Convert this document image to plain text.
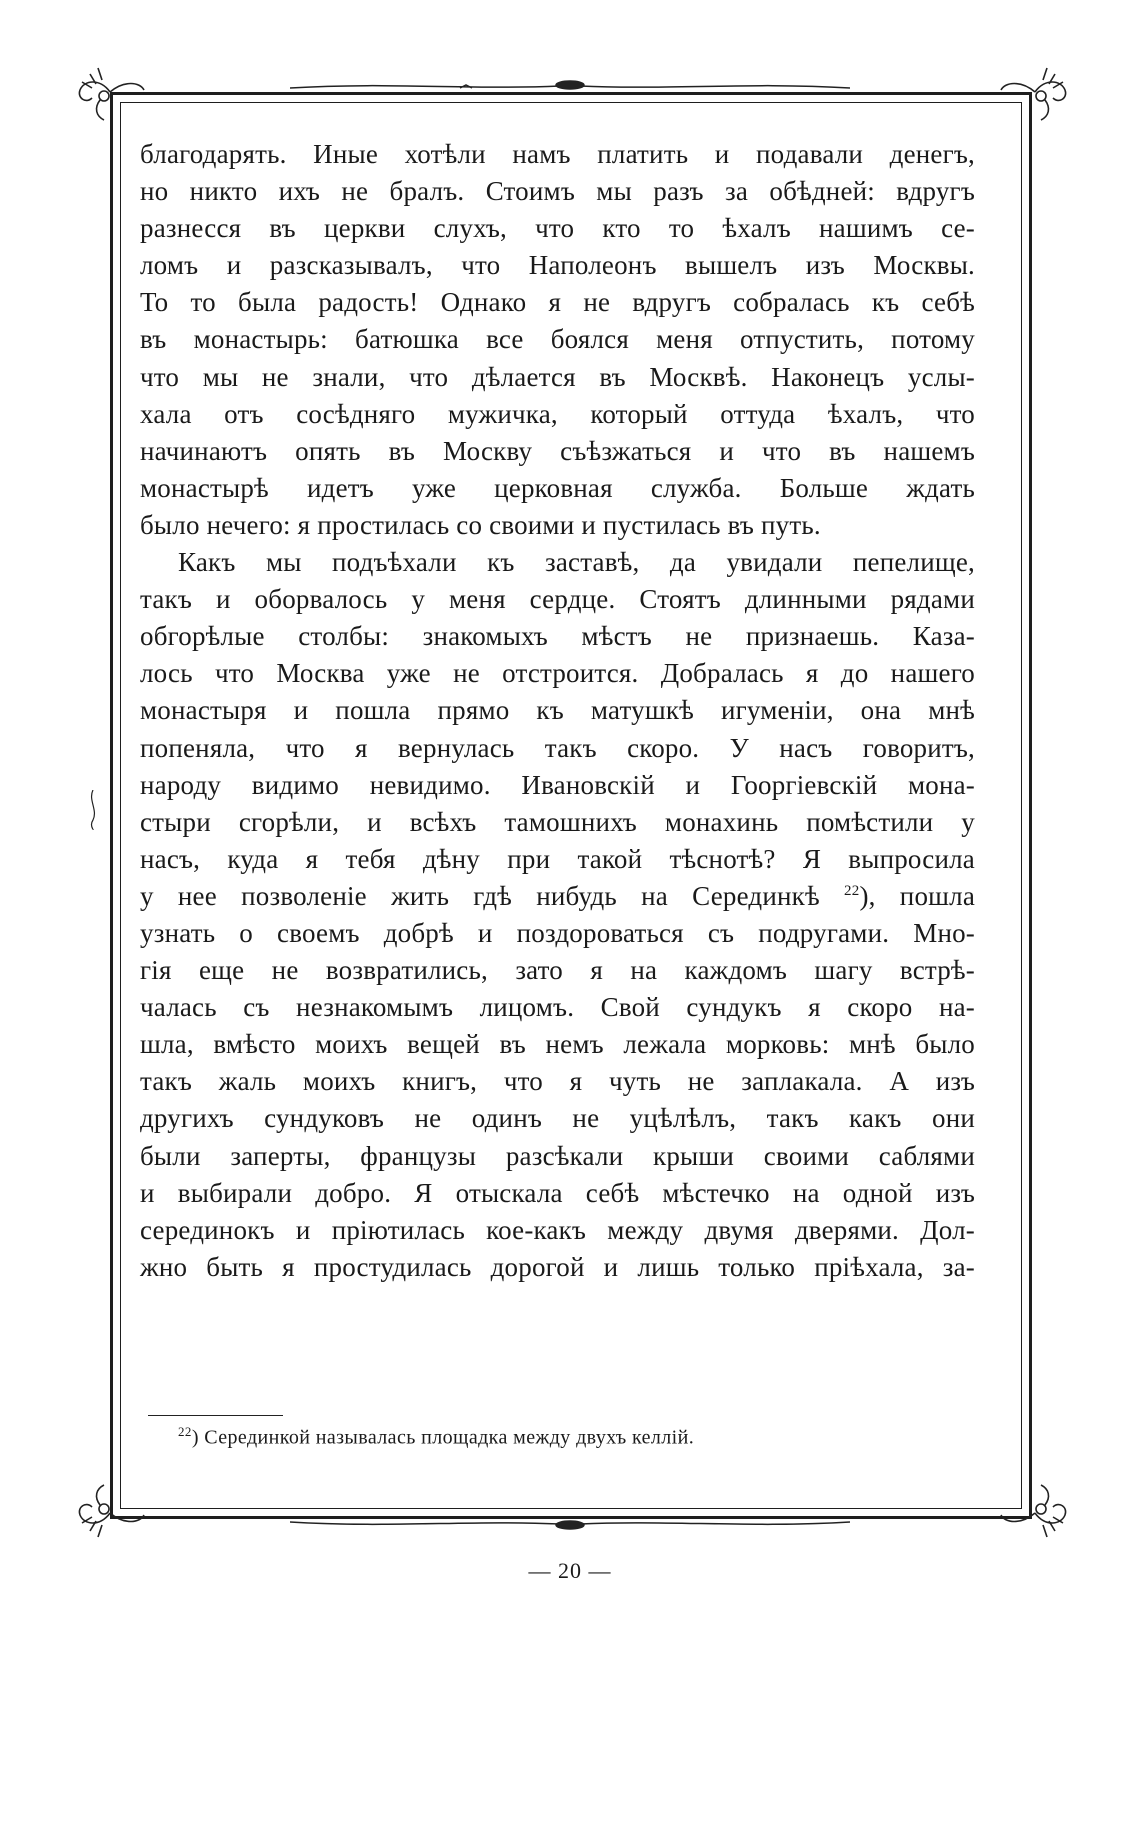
благодарять. Иные хотѣли намъ платить и подавали денегъ,
но никто ихъ не бралъ. Стоимъ мы разъ за обѣдней: вдругъ
разнесся въ церкви слухъ, что кто то ѣхалъ нашимъ се-
ломъ и разсказывалъ, что Наполеонъ вышелъ изъ Москвы.
То то была радость! Однако я не вдругъ собралась къ себѣ
въ монастырь: батюшка все боялся меня отпустить, потому
что мы не знали, что дѣлается въ Москвѣ. Наконецъ услы-
хала отъ сосѣдняго мужичка, который оттуда ѣхалъ, что
начинаютъ опять въ Москву съѣзжаться и что въ нашемъ
монастырѣ идетъ уже церковная служба. Больше ждать
было нечего: я простилась со своими и пустилась въ путь.
Какъ мы подъѣхали къ заставѣ, да увидали пепелище,
такъ и оборвалось у меня сердце. Стоятъ длинными рядами
обгорѣлые столбы: знакомыхъ мѣстъ не признаешь. Каза-
лось что Москва уже не отстроится. Добралась я до нашего
монастыря и пошла прямо къ матушкѣ игуменіи, она мнѣ
попеняла, что я вернулась такъ скоро. У насъ говоритъ,
народу видимо невидимо. Ивановскій и Гооргіевскій мона-
стыри сгорѣли, и всѣхъ тамошнихъ монахинь помѣстили у
насъ, куда я тебя дѣну при такой тѣснотѣ? Я выпросила
у нее позволеніе жить гдѣ нибудь на Серединкѣ $^{22}$), пошла
узнать о своемъ добрѣ и поздороваться съ подругами. Мно-
гія еще не возвратились, зато я на каждомъ шагу встрѣ-
чалась съ незнакомымъ лицомъ. Свой сундукъ я скоро на-
шла, вмѣсто моихъ вещей въ немъ лежала морковь: мнѣ было
такъ жаль моихъ книгъ, что я чуть не заплакала. А изъ
другихъ сундуковъ не одинъ не уцѣлѣлъ, такъ какъ они
были заперты, французы разсѣкали крыши своими саблями
и выбирали добро. Я отыскала себѣ мѣстечко на одной изъ
серединокъ и пріютилась кое-какъ между двумя дверями. Дол-
жно быть я простудилась дорогой и лишь только пріѣхала, за-
$^{22}$) Серединкой называлась площадка между двухъ келлій.
— 20 —
